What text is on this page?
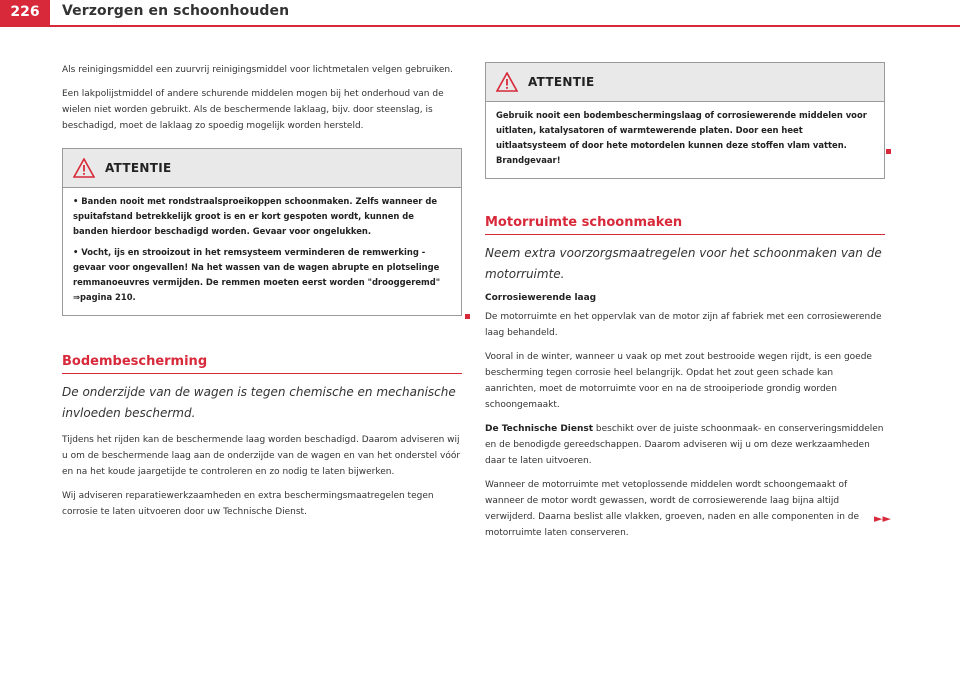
226	Verzorgen en schoonhouden

Als reinigingsmiddel een zuurvrij reinigingsmiddel voor lichtmetalen velgen gebruiken.

Een lakpolijstmiddel of andere schurende middelen mogen bij het onderhoud van de wielen niet worden gebruikt. Als de beschermende laklaag, bijv. door steenslag, is beschadigd, moet de laklaag zo spoedig mogelijk worden hersteld.

ATTENTIE

• Banden nooit met rondstraalsproeikoppen schoonmaken. Zelfs wanneer de spuitafstand betrekkelijk groot is en er kort gespoten wordt, kunnen de banden hierdoor beschadigd worden. Gevaar voor ongelukken.

• Vocht, ijs en strooizout in het remsysteem verminderen de remwerking - gevaar voor ongevallen! Na het wassen van de wagen abrupte en plotselinge remmanoeuvres vermijden. De remmen moeten eerst worden "drooggeremd" ⇒pagina 210.

Bodembescherming

De onderzijde van de wagen is tegen chemische en mechanische invloeden beschermd.

Tijdens het rijden kan de beschermende laag worden beschadigd. Daarom adviseren wij u om de beschermende laag aan de onderzijde van de wagen en van het onderstel vóór en na het koude jaargetijde te controleren en zo nodig te laten bijwerken.

Wij adviseren reparatiewerkzaamheden en extra beschermingsmaatregelen tegen corrosie te laten uitvoeren door uw Technische Dienst.

ATTENTIE

Gebruik nooit een bodembeschermingslaag of corrosiewerende middelen voor uitlaten, katalysatoren of warmtewerende platen. Door een heet uitlaatsysteem of door hete motordelen kunnen deze stoffen vlam vatten. Brandgevaar!

Motorruimte schoonmaken

Neem extra voorzorgsmaatregelen voor het schoonmaken van de motorruimte.

Corrosiewerende laag

De motorruimte en het oppervlak van de motor zijn af fabriek met een corrosiewerende laag behandeld.

Vooral in de winter, wanneer u vaak op met zout bestrooide wegen rijdt, is een goede bescherming tegen corrosie heel belangrijk. Opdat het zout geen schade kan aanrichten, moet de motorruimte voor en na de strooiperiode grondig worden schoongemaakt.

De Technische Dienst beschikt over de juiste schoonmaak- en conserveringsmiddelen en de benodigde gereedschappen. Daarom adviseren wij u om deze werkzaamheden daar te laten uitvoeren.

Wanneer de motorruimte met vetoplossende middelen wordt schoongemaakt of wanneer de motor wordt gewassen, wordt de corrosiewerende laag bijna altijd verwijderd. Daarna beslist alle vlakken, groeven, naden en alle componenten in de motorruimte laten conserveren.

►►
